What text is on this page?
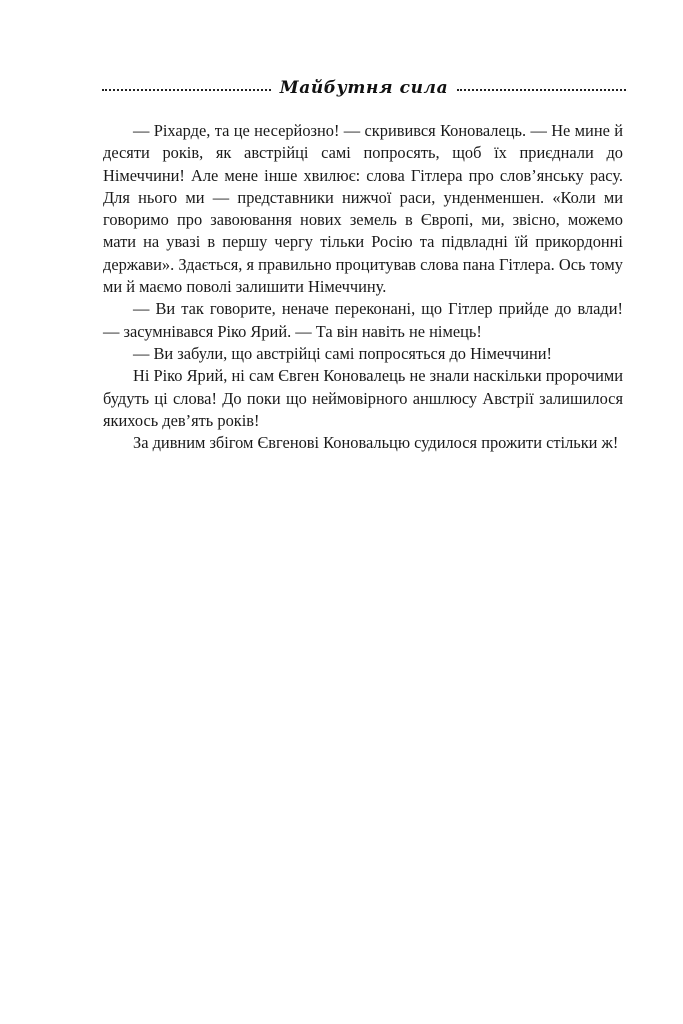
Майбутня сила

— Ріхарде, та це несерйозно! — скривився Коновалець. — Не мине й десяти років, як австрійці самі попросять, щоб їх приєднали до Німеччини! Але мене інше хвилює: слова Гітлера про слов’янську расу. Для нього ми — представники нижчої раси, унденменшен. «Коли ми говоримо про завоювання нових земель в Європі, ми, звісно, можемо мати на увазі в першу чергу тільки Росію та підвладні їй прикордонні держави». Здається, я правильно процитував слова пана Гітлера. Ось тому ми й маємо поволі залишити Німеччину.

— Ви так говорите, неначе переконані, що Гітлер прийде до влади! — засумнівався Ріко Ярий. — Та він навіть не німець!

— Ви забули, що австрійці самі попросяться до Німеччини!

Ні Ріко Ярий, ні сам Євген Коновалець не знали наскільки пророчими будуть ці слова! До поки що неймовірного аншлюсу Австрії залишилося якихось дев’ять років!

За дивним збігом Євгенові Коновальцю судилося прожити стільки ж!
